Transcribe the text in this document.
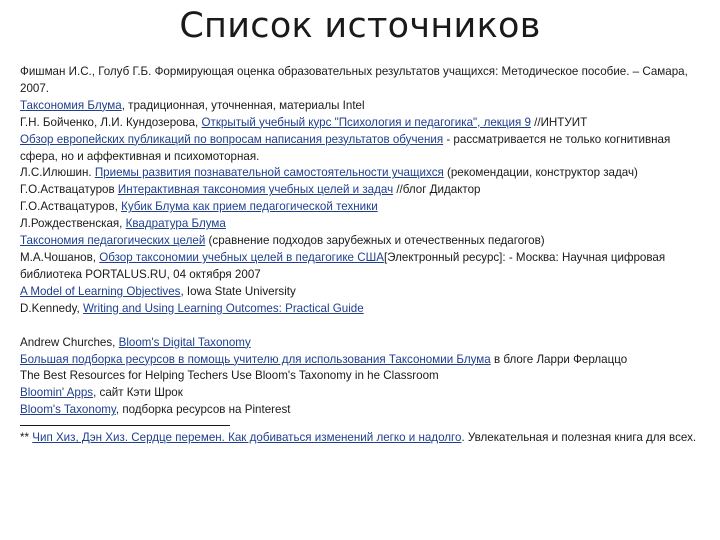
Список источников
Фишман И.С., Голуб Г.Б. Формирующая оценка образовательных результатов учащихся: Методическое пособие. – Самара, 2007.
Таксономия Блума, традиционная, уточненная, материалы Intel
Г.Н. Бойченко, Л.И. Кундозерова, Открытый учебный курс "Психология и педагогика", лекция 9 //ИНТУИТ
Обзор европейских публикаций по вопросам написания результатов обучения - рассматривается не только когнитивная сфера, но и аффективная и психомоторная.
Л.С.Илюшин. Приемы развития познавательной самостоятельности учащихся (рекомендации, конструктор задач)
Г.О.Аствацатуров Интерактивная таксономия учебных целей и задач //блог Дидактор
Г.О.Аствацатуров, Кубик Блума как прием педагогической техники
Л.Рождественская, Квадратура Блума
Таксономия педагогических целей (сравнение подходов зарубежных и отечественных педагогов)
М.А.Чошанов, Обзор таксономии учебных целей в педагогике США[Электронный ресурс]: - Москва: Научная цифровая библиотека PORTALUS.RU, 04 октября 2007
A Model of Learning Objectives, Iowa State University
D.Kennedy, Writing and Using Learning Outcomes: Practical Guide
Andrew Churches, Bloom's Digital Taxonomy
Большая подборка ресурсов в помощь учителю для использования Таксономии Блума в блоге Ларри Ферлаццо
The Best Resources for Helping Techers Use Bloom's Taxonomy in he Classroom
Bloomin' Apps, сайт Кэти Шрок
Bloom's Taxonomy, подборка ресурсов на Pinterest
** Чип Хиз, Дэн Хиз. Сердце перемен. Как добиваться изменений легко и надолго. Увлекательная и полезная книга для всех.
